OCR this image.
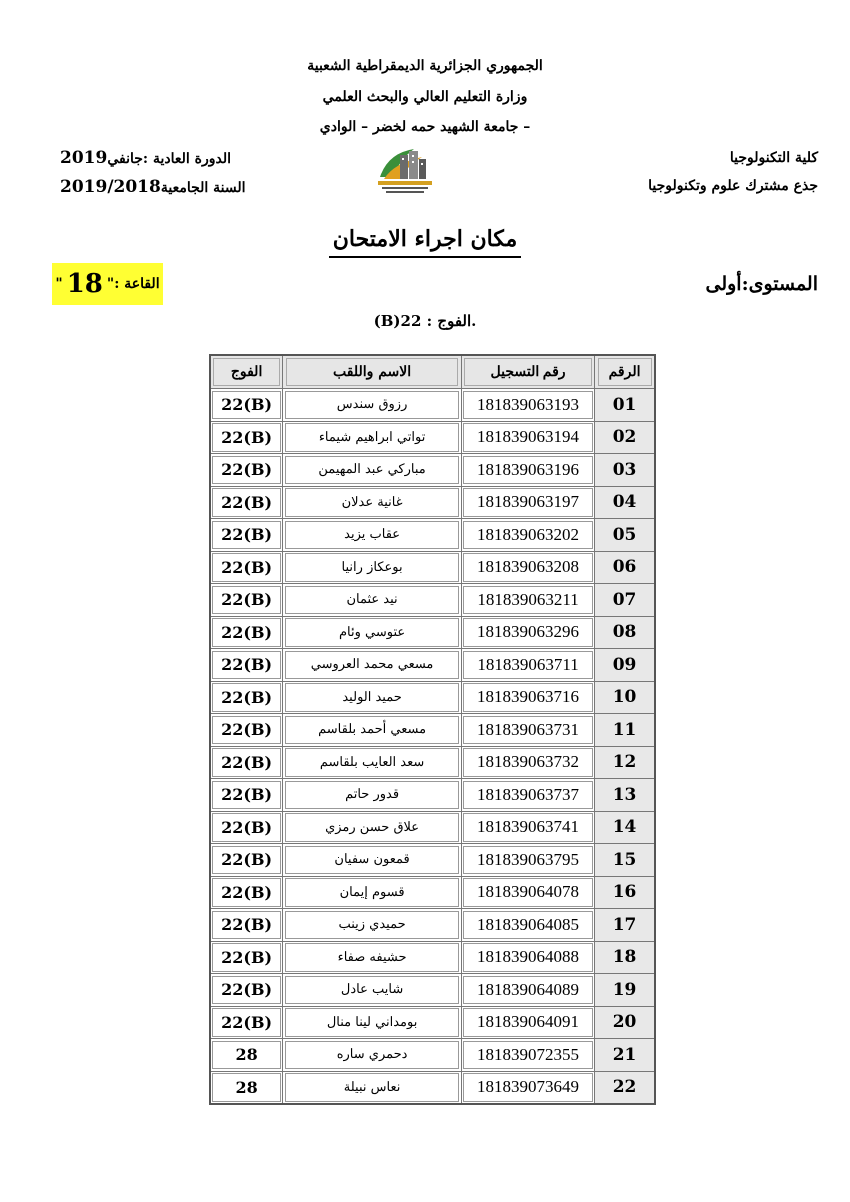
الجمهوري الجزائرية الديمقراطية الشعبية
وزارة التعليم العالي والبحث العلمي
جامعة الشهيد حمه لخضر – الوادي –
كلية التكنولوجيا
جذع مشترك علوم وتكنولوجيا
الدورة العادية :جانفي2019
السنة الجامعية2019/2018
مكان اجراء الامتحان
المستوى:أولى
القاعة :
"
18
"
.الفوج : 22(B)
الرقم	رقم التسجيل	الاسم واللقب	الفوج
01	181839063193	رزوق سندس	22(B)
02	181839063194	تواتي ابراهيم شيماء	22(B)
03	181839063196	مباركي عبد المهيمن	22(B)
04	181839063197	غانية عدلان	22(B)
05	181839063202	عقاب يزيد	22(B)
06	181839063208	بوعكاز رانيا	22(B)
07	181839063211	نيد عثمان	22(B)
08	181839063296	عتوسي وئام	22(B)
09	181839063711	مسعي محمد العروسي	22(B)
10	181839063716	حميد الوليد	22(B)
11	181839063731	مسعي أحمد بلقاسم	22(B)
12	181839063732	سعد العايب بلقاسم	22(B)
13	181839063737	قدور حاتم	22(B)
14	181839063741	علاق حسن رمزي	22(B)
15	181839063795	قمعون سفيان	22(B)
16	181839064078	قسوم إيمان	22(B)
17	181839064085	حميدي زينب	22(B)
18	181839064088	حشيفه صفاء	22(B)
19	181839064089	شايب عادل	22(B)
20	181839064091	بومداني لينا منال	22(B)
21	181839072355	دحمري ساره	28
22	181839073649	نعاس نبيلة	28
